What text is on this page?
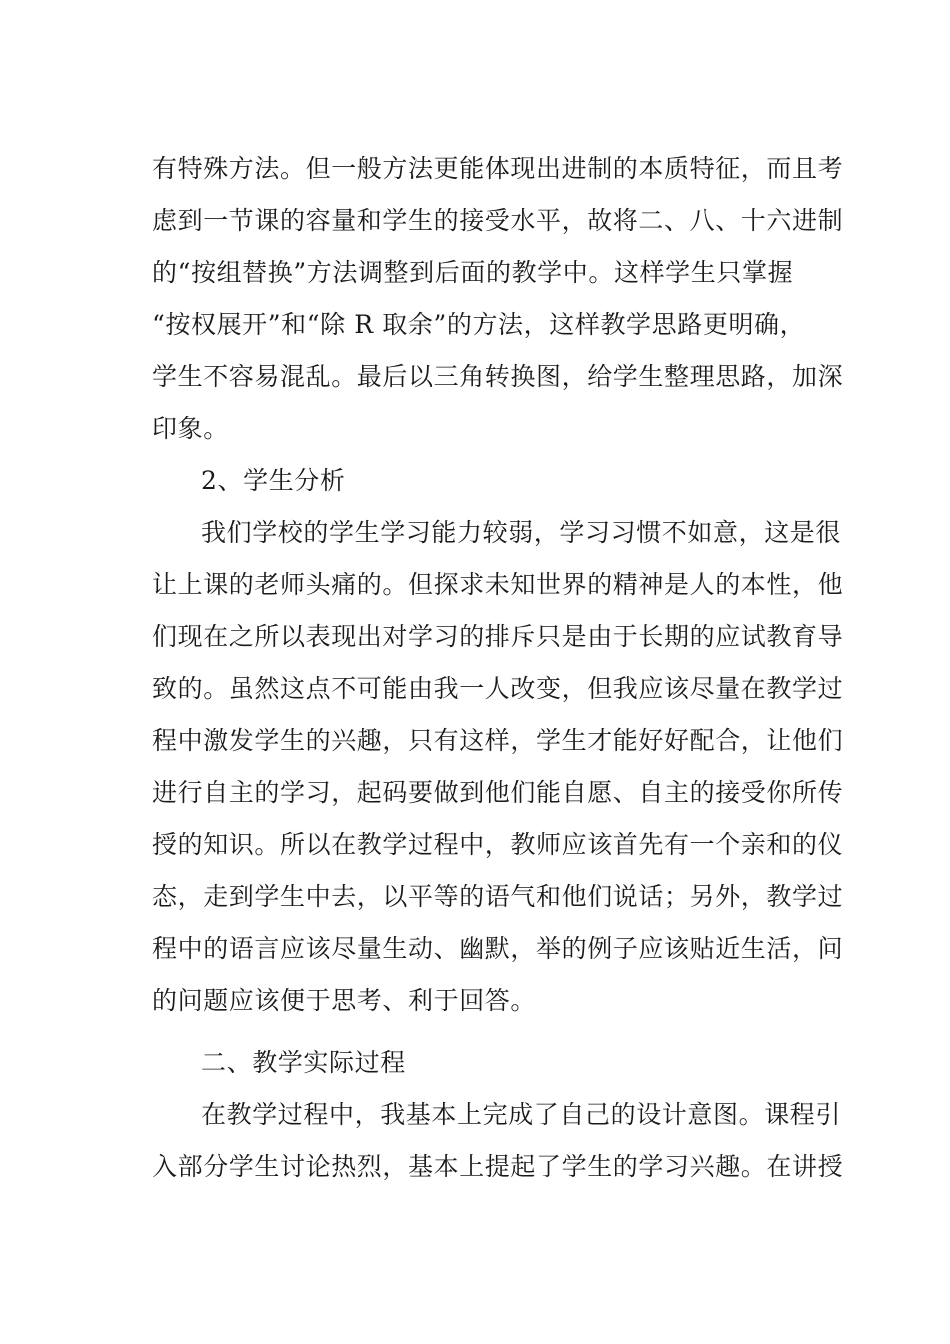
有特殊方法。但一般方法更能体现出进制的本质特征，而且考
虑到一节课的容量和学生的接受水平，故将二、八、十六进制
的“按组替换”方法调整到后面的教学中。这样学生只掌握
“按权展开”和“除 R 取余”的方法，这样教学思路更明确，
学生不容易混乱。最后以三角转换图，给学生整理思路，加深
印象。
2、学生分析
我们学校的学生学习能力较弱，学习习惯不如意，这是很
让上课的老师头痛的。但探求未知世界的精神是人的本性，他
们现在之所以表现出对学习的排斥只是由于长期的应试教育导
致的。虽然这点不可能由我一人改变，但我应该尽量在教学过
程中激发学生的兴趣，只有这样，学生才能好好配合，让他们
进行自主的学习，起码要做到他们能自愿、自主的接受你所传
授的知识。所以在教学过程中，教师应该首先有一个亲和的仪
态，走到学生中去，以平等的语气和他们说话；另外，教学过
程中的语言应该尽量生动、幽默，举的例子应该贴近生活，问
的问题应该便于思考、利于回答。
二、教学实际过程
在教学过程中，我基本上完成了自己的设计意图。课程引
入部分学生讨论热烈，基本上提起了学生的学习兴趣。在讲授
